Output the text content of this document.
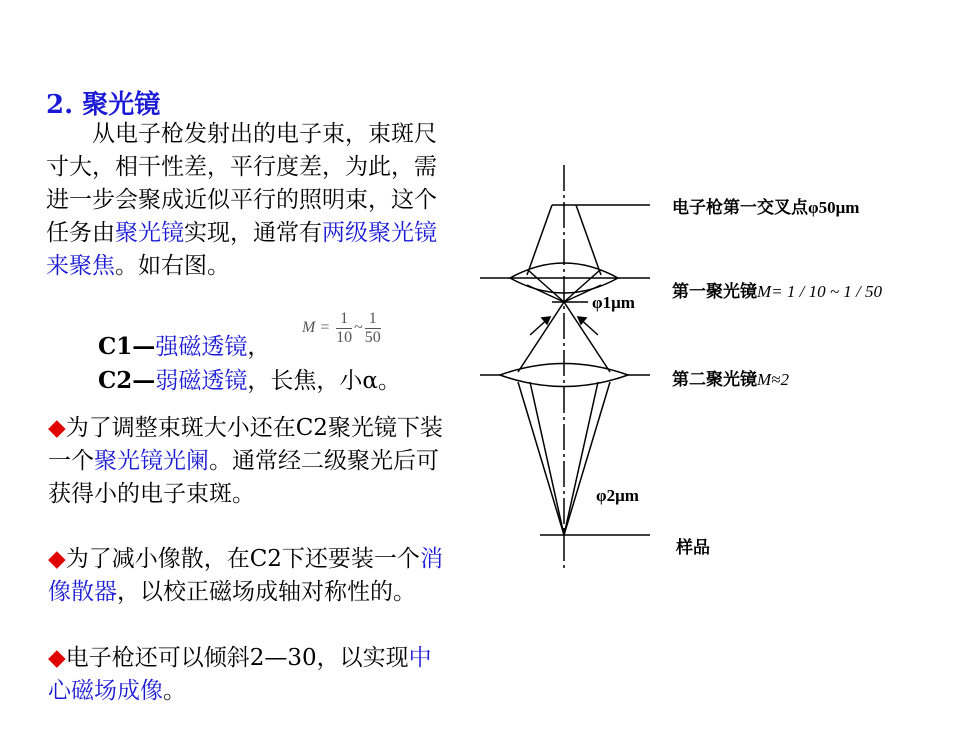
2. 聚光镜
从电子枪发射出的电子束，束斑尺寸大，相干性差，平行度差，为此，需进一步会聚成近似平行的照明束，这个任务由聚光镜实现，通常有两级聚光镜来聚焦。如右图。
C1—强磁透镜，
$M = \frac{1}{10}$ ~ $\frac{1}{50}$
C2—弱磁透镜，长焦，小α。
◆为了调整束斑大小还在C2聚光镜下装一个聚光镜光阑。通常经二级聚光后可获得小的电子束斑。
◆为了减小像散，在C2下还要装一个消像散器，以校正磁场成轴对称性的。
◆电子枪还可以倾斜2—30，以实现中心磁场成像。
电子枪第一交叉点φ50μm
第一聚光镜M= 1 / 10 ~ 1 / 50
φ1μm
第二聚光镜M≈2
φ2μm
样品
